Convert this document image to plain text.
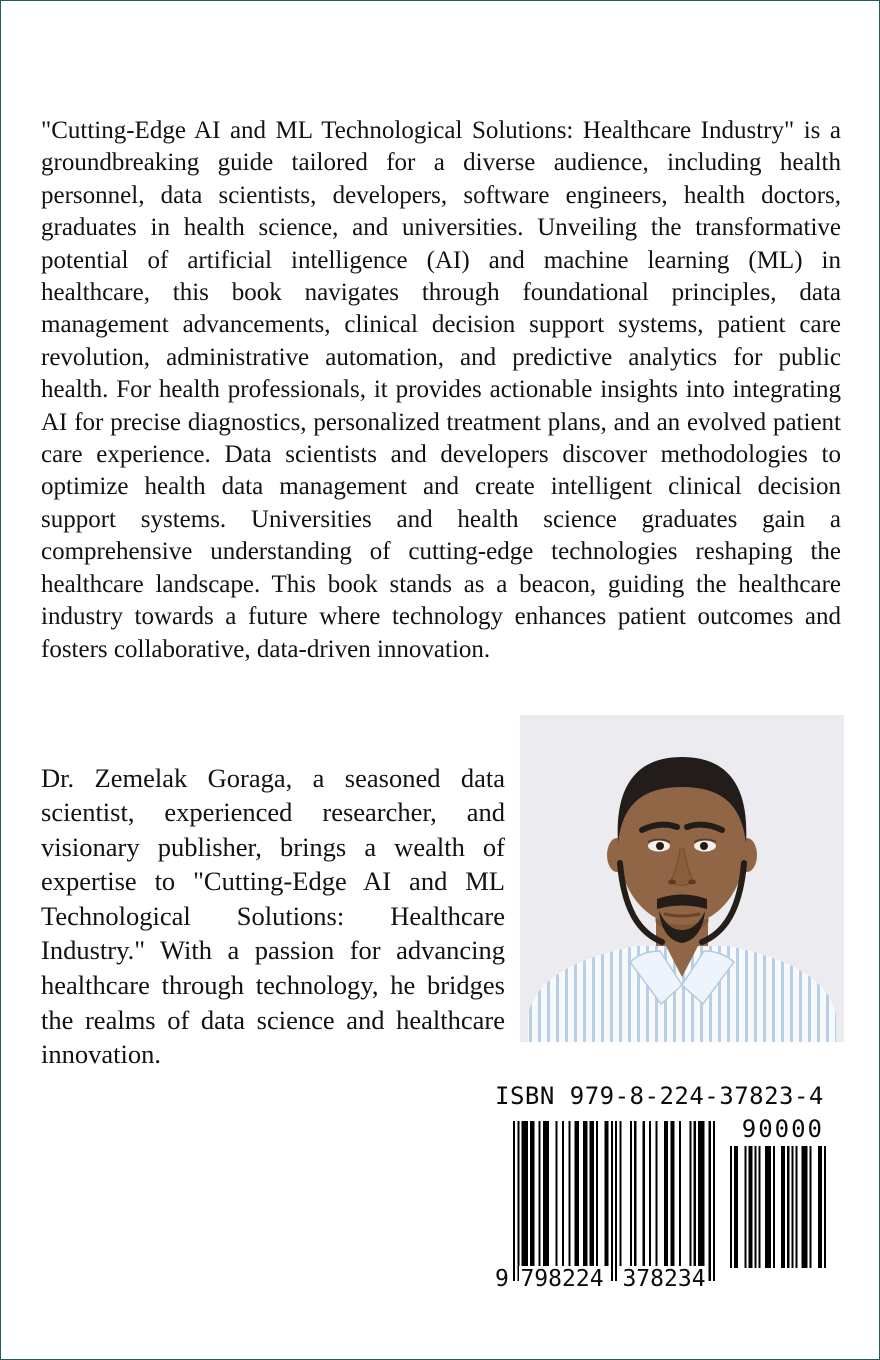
"Cutting-Edge AI and ML Technological Solutions: Healthcare Industry" is a groundbreaking guide tailored for a diverse audience, including health personnel, data scientists, developers, software engineers, health doctors, graduates in health science, and universities. Unveiling the transformative potential of artificial intelligence (AI) and machine learning (ML) in healthcare, this book navigates through foundational principles, data management advancements, clinical decision support systems, patient care revolution, administrative automation, and predictive analytics for public health. For health professionals, it provides actionable insights into integrating AI for precise diagnostics, personalized treatment plans, and an evolved patient care experience. Data scientists and developers discover methodologies to optimize health data management and create intelligent clinical decision support systems. Universities and health science graduates gain a comprehensive understanding of cutting-edge technologies reshaping the healthcare landscape. This book stands as a beacon, guiding the healthcare industry towards a future where technology enhances patient outcomes and fosters collaborative, data-driven innovation.

Dr. Zemelak Goraga, a seasoned data scientist, experienced researcher, and visionary publisher, brings a wealth of expertise to "Cutting-Edge AI and ML Technological Solutions: Healthcare Industry." With a passion for advancing healthcare through technology, he bridges the realms of data science and healthcare innovation.

ISBN 979-8-224-37823-4
9 798224 378234
90000
